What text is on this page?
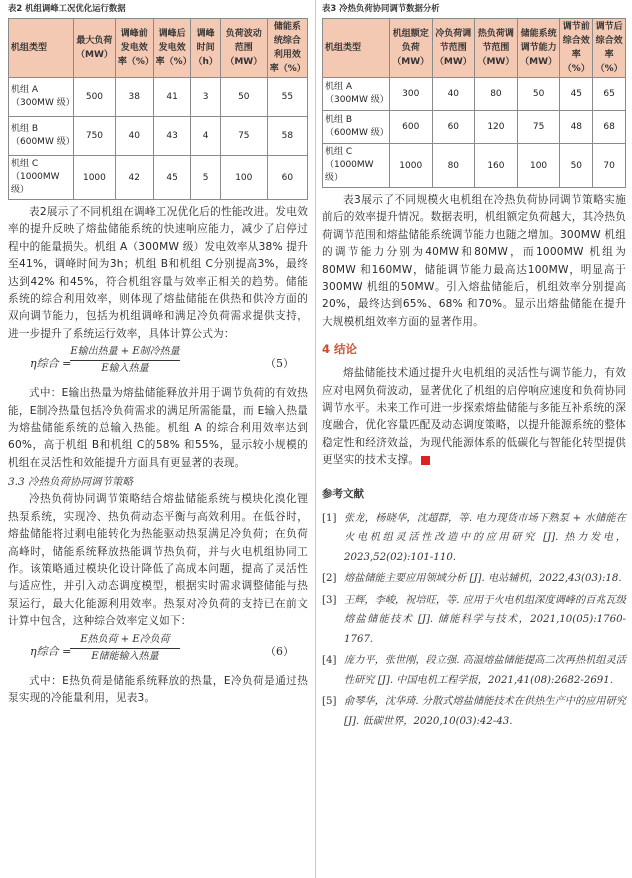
表2 机组调峰工况优化运行数据
机组类型	最大负荷（MW）	调峰前发电效率（%）	调峰后发电效率（%）	调峰时间（h）	负荷波动范围（MW）	储能系统综合利用效率（%）
机组 A（300MW 级）	500	38	41	3	50	55
机组 B（600MW 级）	750	40	43	4	75	58
机组 C（1000MW 级）	1000	42	45	5	100	60

表2展示了不同机组在调峰工况优化后的性能改进。发电效率的提升反映了熔盐储能系统的快速响应能力，减少了启停过程中的能量损失。机组 A（300MW 级）发电效率从38% 提升至41%，调峰时间为3h；机组 B和机组 C分别提高3%，最终达到42% 和45%，符合机组容量与效率正相关的趋势。储能系统的综合利用效率，则体现了熔盐储能在供热和供冷方面的双向调节能力，包括为机组调峰和满足冷负荷需求提供支持，进一步提升了系统运行效率，具体计算公式为：

η综合 =
E输出热量 + E制冷热量
E输入热量	（5）

式中：E输出热量为熔盐储能释放并用于调节负荷的有效热能，E制冷热量包括冷负荷需求的满足所需能量，而 E输入热量为熔盐储能系统的总输入热能。机组 A 的综合利用效率达到60%，高于机组 B和机组 C的58% 和55%，显示较小规模的机组在灵活性和效能提升方面具有更显著的表现。

3.3 冷热负荷协同调节策略

冷热负荷协同调节策略结合熔盐储能系统与模块化溴化锂热泵系统，实现冷、热负荷动态平衡与高效利用。在低谷时，熔盐储能将过剩电能转化为热能驱动热泵满足冷负荷；在负荷高峰时，储能系统释放热能调节热负荷，并与火电机组协同工作。该策略通过模块化设计降低了高成本问题，提高了灵活性与适应性，并引入动态调度模型，根据实时需求调整储能与热泵运行，最大化能源利用效率。热泵对冷负荷的支持已在前文计算中包含，这种综合效率定义如下：

η综合 =
E热负荷 + E冷负荷
E储能输入热量	（6）

式中：E热负荷是储能系统释放的热量，E冷负荷是通过热泵实现的冷能量利用，见表3。

表3 冷热负荷协同调节数据分析
机组类型	机组额定负荷（MW）	冷负荷调节范围（MW）	热负荷调节范围（MW）	储能系统调节能力（MW）	调节前综合效率（%）	调节后综合效率（%）
机组 A（300MW 级）	300	40	80	50	45	65
机组 B（600MW 级）	600	60	120	75	48	68
机组 C（1000MW 级）	1000	80	160	100	50	70

表3展示了不同规模火电机组在冷热负荷协同调节策略实施前后的效率提升情况。数据表明，机组额定负荷越大，其冷热负荷调节范围和熔盐储能系统调节能力也随之增加。300MW 机组的调节能力分别为40MW和80MW，而1000MW 机组为80MW 和160MW，储能调节能力最高达100MW，明显高于300MW 机组的50MW。引入熔盐储能后，机组效率分别提高20%，最终达到65%、68% 和70%。显示出熔盐储能在提升大规模机组效率方面的显著作用。

4 结论

熔盐储能技术通过提升火电机组的灵活性与调节能力，有效应对电网负荷波动，显著优化了机组的启停响应速度和负荷协同调节水平。未来工作可进一步探索熔盐储能与多能互补系统的深度融合，优化容量匹配及动态调度策略，以提升能源系统的整体稳定性和经济效益，为现代能源体系的低碳化与智能化转型提供更坚实的技术支撑。	★

参考文献
[1] 张龙，杨晓华，沈超群，等. 电力现货市场下熟泵 + 水储能在火电机组灵活性改造中的应用研究 [J]. 热力发电，2023,52(02):101-110.
[2] 熔盐储能主要应用领域分析 [J]. 电站辅机，2022,43(03):18.
[3] 王辉，李峻，祝培旺，等. 应用于火电机组深度调峰的百兆瓦级熔盐储能技术 [J]. 储能科学与技术，2021,10(05):1760-1767.
[4] 庞力平，张世刚，段立强. 高温熔盐储能提高二次再热机组灵活性研究 [J]. 中国电机工程学报，2021,41(08):2682-2691.
[5] 俞琴华，沈华琦. 分散式熔盐储能技术在供热生产中的应用研究 [J]. 低碳世界，2020,10(03):42-43.
